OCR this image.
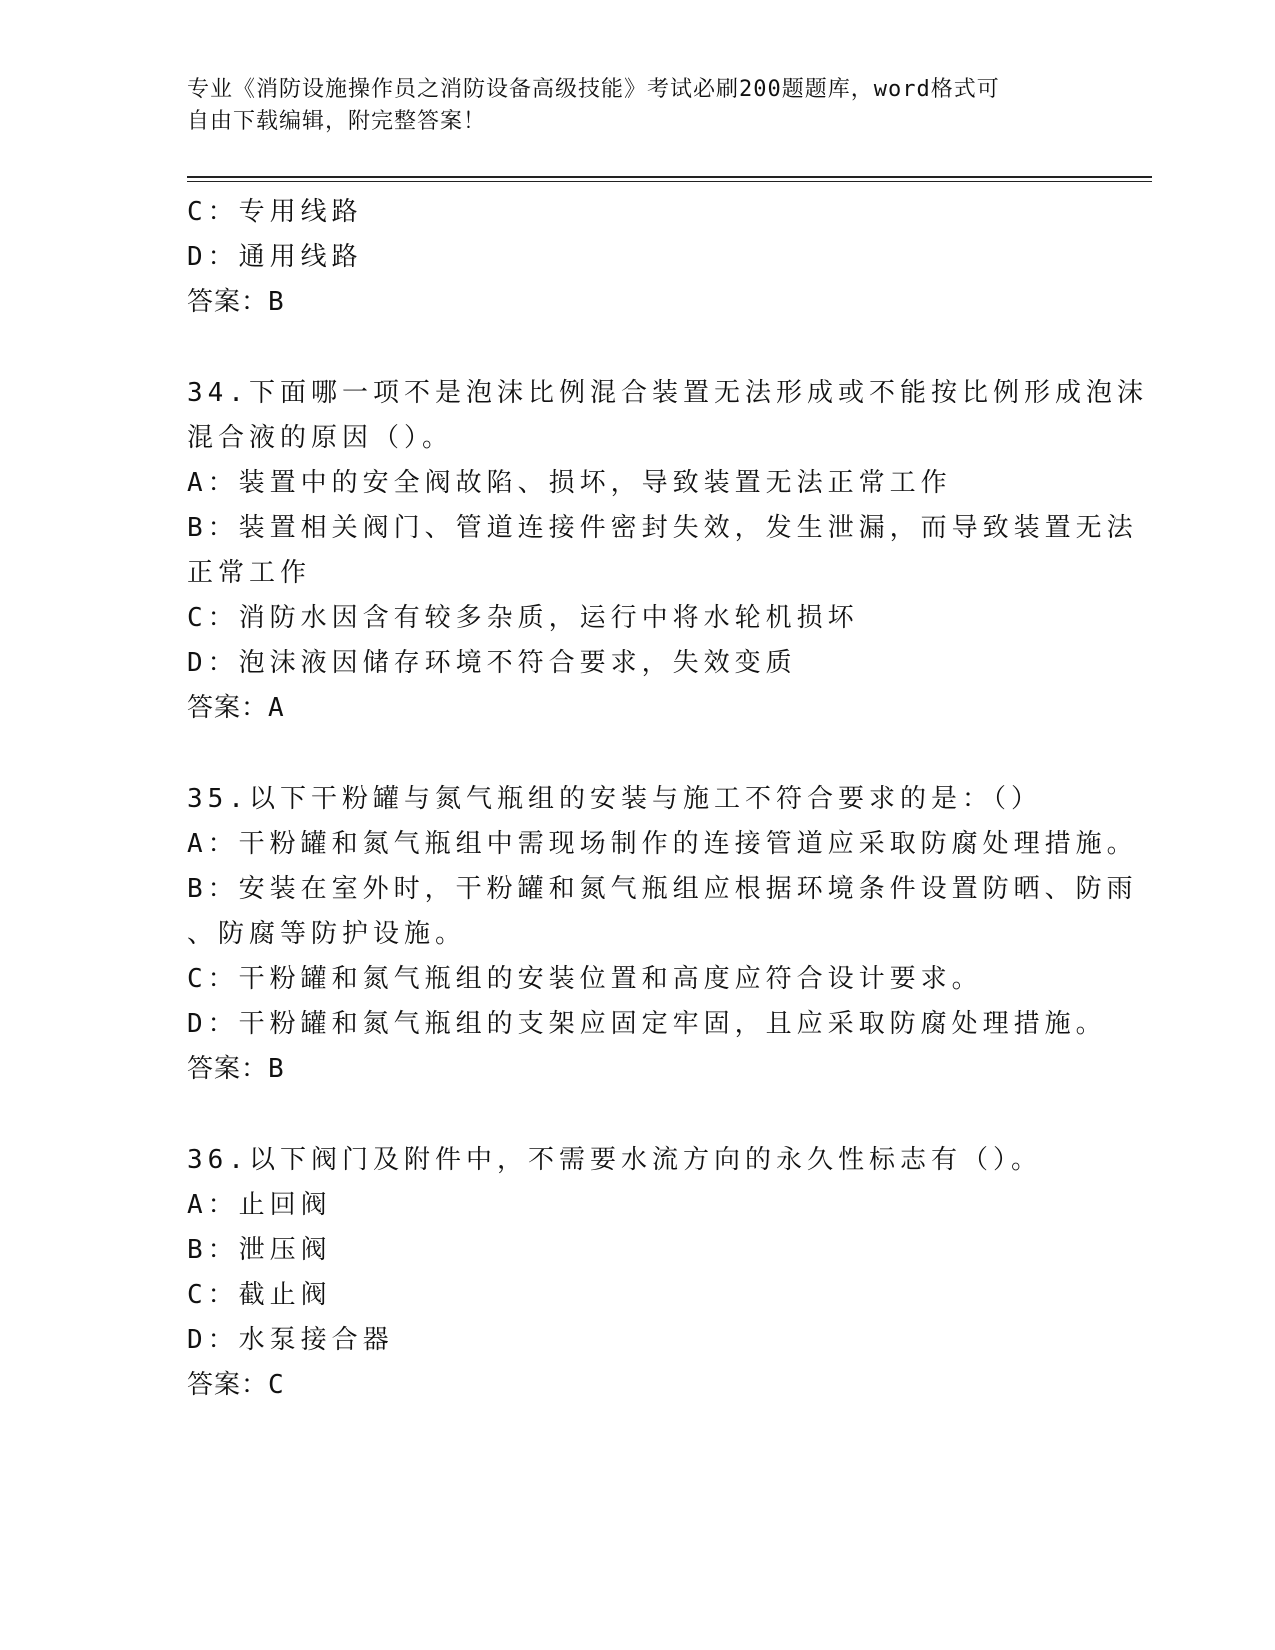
专业《消防设施操作员之消防设备高级技能》考试必刷200题题库，word格式可
自由下载编辑，附完整答案！
C：专用线路
D：通用线路
答案：B
34.下面哪一项不是泡沫比例混合装置无法形成或不能按比例形成泡沫
混合液的原因（）。
A：装置中的安全阀故陷、损坏，导致装置无法正常工作
B：装置相关阀门、管道连接件密封失效，发生泄漏，而导致装置无法
正常工作
C：消防水因含有较多杂质，运行中将水轮机损坏
D：泡沫液因储存环境不符合要求，失效变质
答案：A
35.以下干粉罐与氮气瓶组的安装与施工不符合要求的是：（）
A：干粉罐和氮气瓶组中需现场制作的连接管道应采取防腐处理措施。
B：安装在室外时，干粉罐和氮气瓶组应根据环境条件设置防晒、防雨
、防腐等防护设施。
C：干粉罐和氮气瓶组的安装位置和高度应符合设计要求。
D：干粉罐和氮气瓶组的支架应固定牢固，且应采取防腐处理措施。
答案：B
36.以下阀门及附件中，不需要水流方向的永久性标志有（）。
A：止回阀
B：泄压阀
C：截止阀
D：水泵接合器
答案：C
